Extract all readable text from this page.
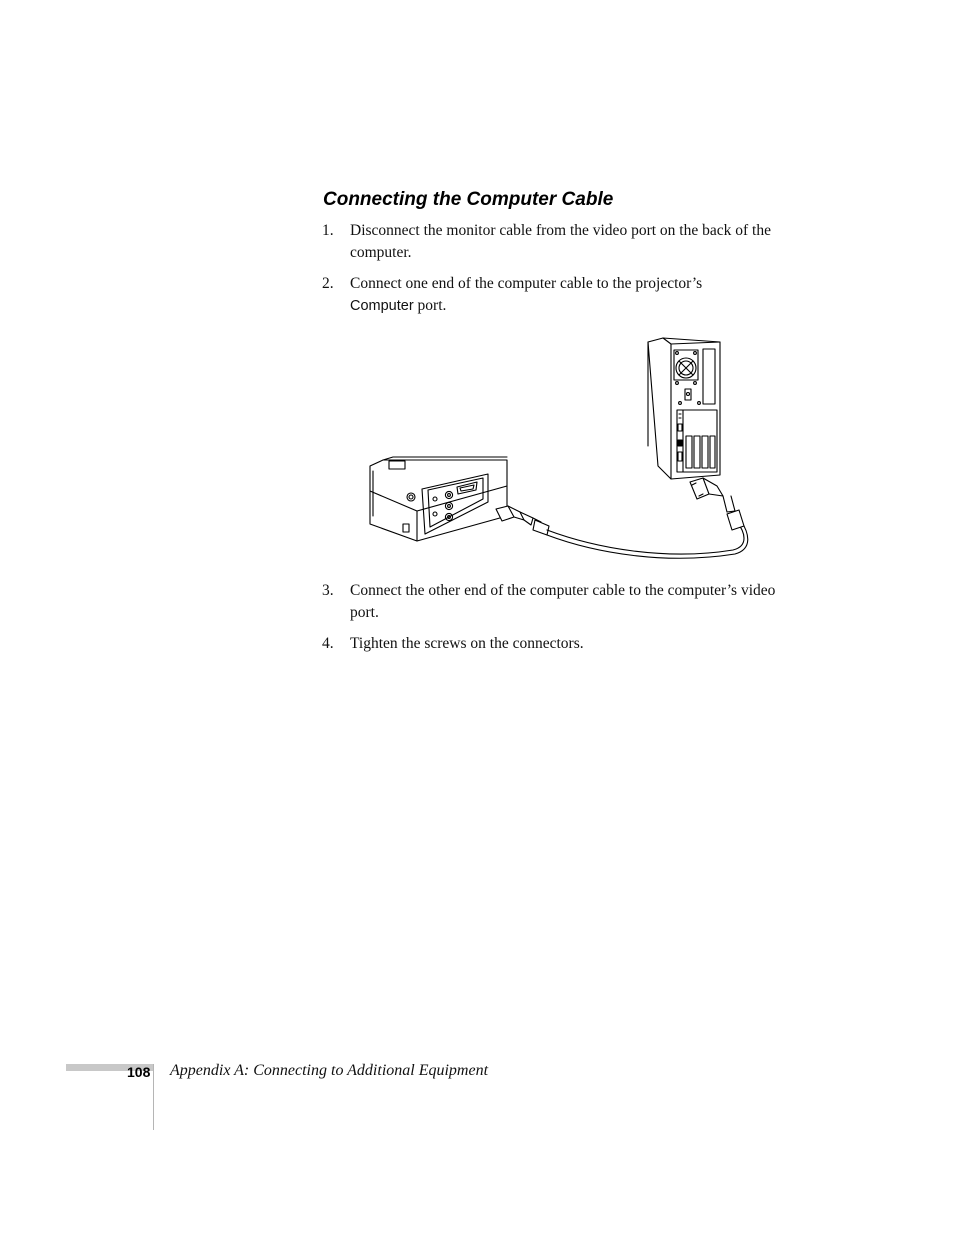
Connecting the Computer Cable
1. Disconnect the monitor cable from the video port on the back of the computer.
2. Connect one end of the computer cable to the projector’s
Computer port.
3. Connect the other end of the computer cable to the computer’s video port.
4. Tighten the screws on the connectors.
108 Appendix A: Connecting to Additional Equipment
